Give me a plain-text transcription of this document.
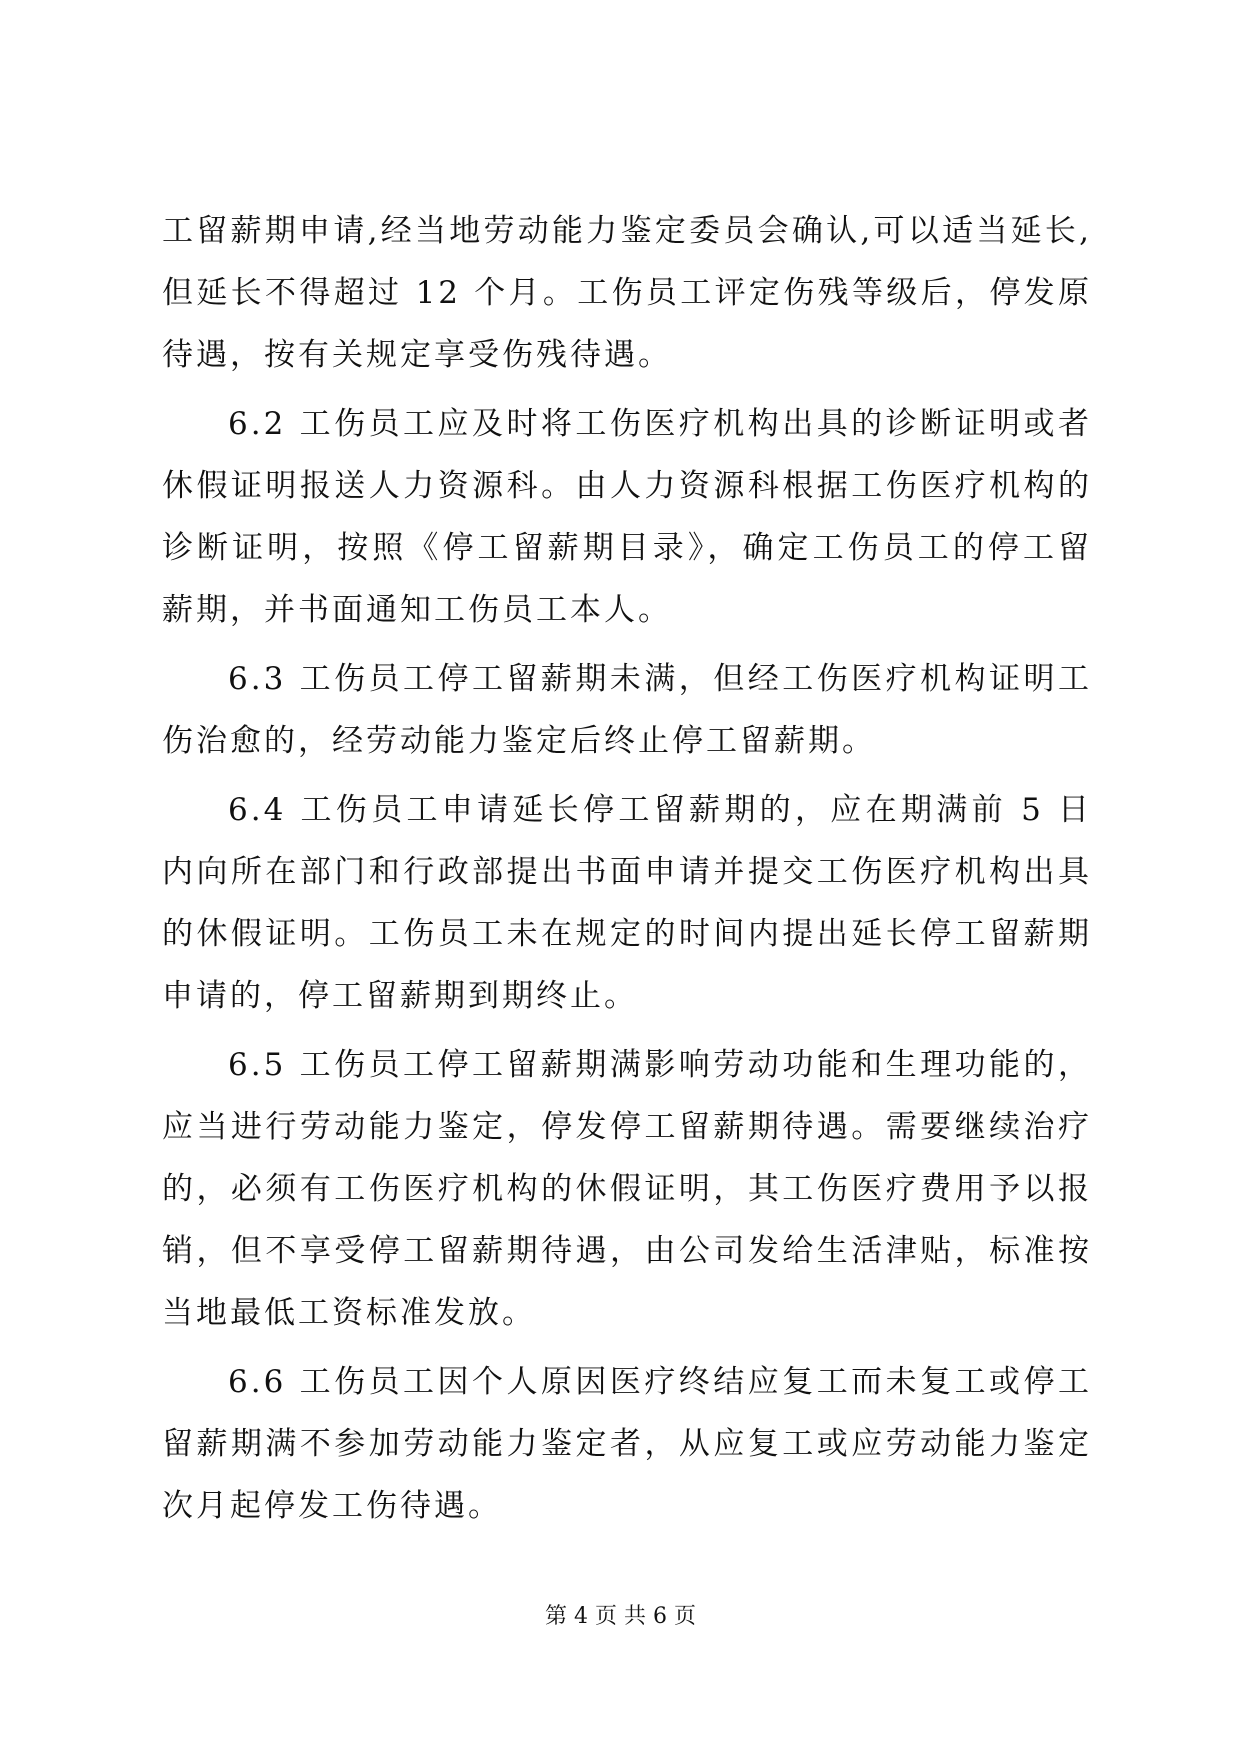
工留薪期申请,经当地劳动能力鉴定委员会确认,可以适当延长,但延长不得超过 12 个月。工伤员工评定伤残等级后，停发原待遇，按有关规定享受伤残待遇。

6.2 工伤员工应及时将工伤医疗机构出具的诊断证明或者休假证明报送人力资源科。由人力资源科根据工伤医疗机构的诊断证明，按照《停工留薪期目录》，确定工伤员工的停工留薪期，并书面通知工伤员工本人。

6.3 工伤员工停工留薪期未满，但经工伤医疗机构证明工伤治愈的，经劳动能力鉴定后终止停工留薪期。

6.4 工伤员工申请延长停工留薪期的，应在期满前 5 日内向所在部门和行政部提出书面申请并提交工伤医疗机构出具的休假证明。工伤员工未在规定的时间内提出延长停工留薪期申请的，停工留薪期到期终止。

6.5 工伤员工停工留薪期满影响劳动功能和生理功能的，应当进行劳动能力鉴定，停发停工留薪期待遇。需要继续治疗的，必须有工伤医疗机构的休假证明，其工伤医疗费用予以报销，但不享受停工留薪期待遇，由公司发给生活津贴，标准按当地最低工资标准发放。

6.6 工伤员工因个人原因医疗终结应复工而未复工或停工留薪期满不参加劳动能力鉴定者，从应复工或应劳动能力鉴定次月起停发工伤待遇。

第 4 页 共 6 页
